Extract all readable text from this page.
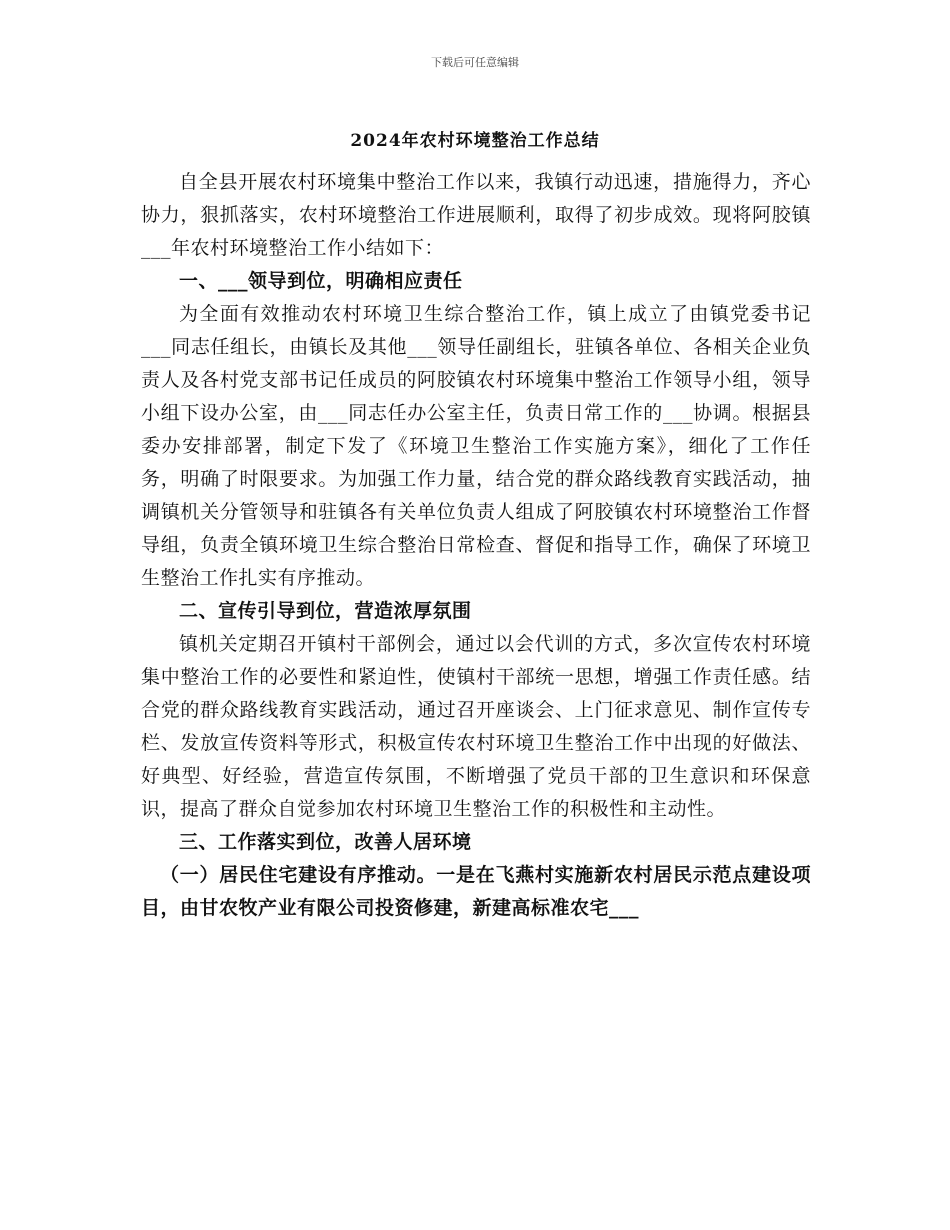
下载后可任意编辑
2024年农村环境整治工作总结

自全县开展农村环境集中整治工作以来，我镇行动迅速，措施得力，齐心协力，狠抓落实，农村环境整治工作进展顺利，取得了初步成效。现将阿胶镇___年农村环境整治工作小结如下：

一、___领导到位，明确相应责任

为全面有效推动农村环境卫生综合整治工作，镇上成立了由镇党委书记___同志任组长，由镇长及其他___领导任副组长，驻镇各单位、各相关企业负责人及各村党支部书记任成员的阿胶镇农村环境集中整治工作领导小组，领导小组下设办公室，由___同志任办公室主任，负责日常工作的___协调。根据县委办安排部署，制定下发了《环境卫生整治工作实施方案》，细化了工作任务，明确了时限要求。为加强工作力量，结合党的群众路线教育实践活动，抽调镇机关分管领导和驻镇各有关单位负责人组成了阿胶镇农村环境整治工作督导组，负责全镇环境卫生综合整治日常检查、督促和指导工作，确保了环境卫生整治工作扎实有序推动。

二、宣传引导到位，营造浓厚氛围

镇机关定期召开镇村干部例会，通过以会代训的方式，多次宣传农村环境集中整治工作的必要性和紧迫性，使镇村干部统一思想，增强工作责任感。结合党的群众路线教育实践活动，通过召开座谈会、上门征求意见、制作宣传专栏、发放宣传资料等形式，积极宣传农村环境卫生整治工作中出现的好做法、好典型、好经验，营造宣传氛围，不断增强了党员干部的卫生意识和环保意识，提高了群众自觉参加农村环境卫生整治工作的积极性和主动性。

三、工作落实到位，改善人居环境

（一）居民住宅建设有序推动。一是在飞燕村实施新农村居民示范点建设项目，由甘农牧产业有限公司投资修建，新建高标准农宅___
